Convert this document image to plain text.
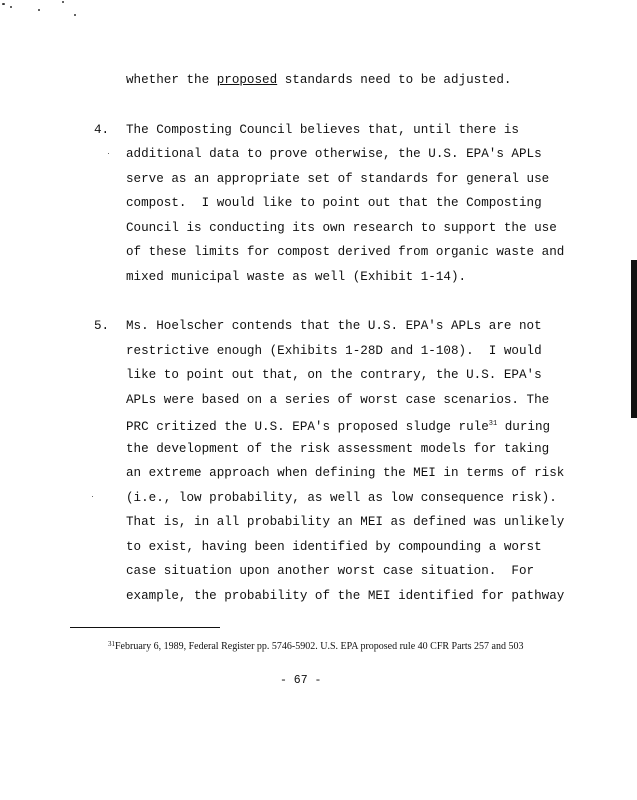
whether the proposed standards need to be adjusted.
4. The Composting Council believes that, until there is
additional data to prove otherwise, the U.S. EPA's APLs
serve as an appropriate set of standards for general use
compost.  I would like to point out that the Composting
Council is conducting its own research to support the use
of these limits for compost derived from organic waste and
mixed municipal waste as well (Exhibit 1-14).
5. Ms. Hoelscher contends that the U.S. EPA's APLs are not
restrictive enough (Exhibits 1-28D and 1-108).  I would
like to point out that, on the contrary, the U.S. EPA's
APLs were based on a series of worst case scenarios. The
PRC critized the U.S. EPA's proposed sludge rule$^{31}$ during
the development of the risk assessment models for taking
an extreme approach when defining the MEI in terms of risk
(i.e., low probability, as well as low consequence risk).
That is, in all probability an MEI as defined was unlikely
to exist, having been identified by compounding a worst
case situation upon another worst case situation.  For
example, the probability of the MEI identified for pathway
$^{31}$February 6, 1989, Federal Register pp. 5746-5902. U.S. EPA proposed rule 40 CFR Parts 257 and 503
- 67 -
